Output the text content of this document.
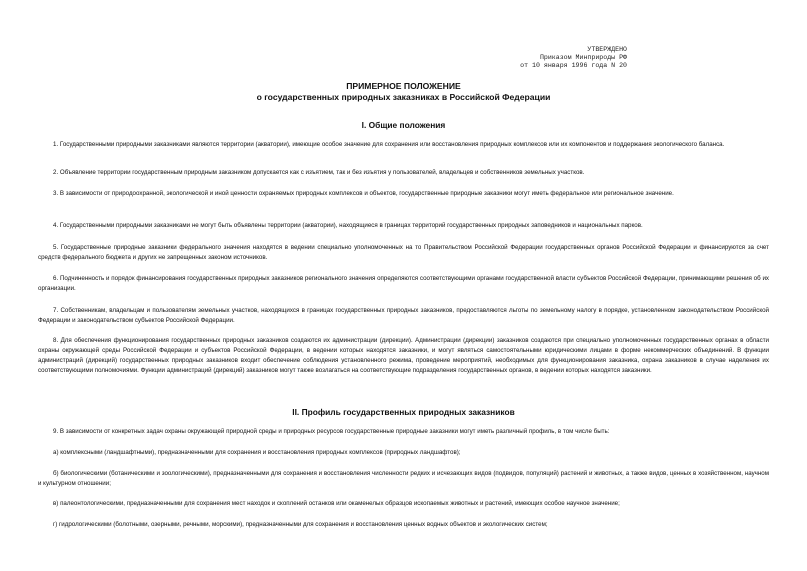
УТВЕРЖДЕНО
Приказом Минприроды РФ
от 10 января 1996 года N 20
ПРИМЕРНОЕ ПОЛОЖЕНИЕ
о государственных природных заказниках в Российской Федерации
I. Общие положения
1. Государственными природными заказниками являются территории (акватории), имеющие особое значение для сохранения или восстановления природных комплексов или их компонентов и поддержания экологического баланса.
2. Объявление территории государственным природным заказником допускается как с изъятием, так и без изъятия у пользователей, владельцев и собственников земельных участков.
3. В зависимости от природоохранной, экологической и иной ценности охраняемых природных комплексов и объектов, государственные природные заказники могут иметь федеральное или региональное значение.
4. Государственными природными заказниками не могут быть объявлены территории (акватории), находящиеся в границах территорий государственных природных заповедников и национальных парков.
5. Государственные природные заказники федерального значения находятся в ведении специально уполномоченных на то Правительством Российской Федерации государственных органов Российской Федерации и финансируются за счет средств федерального бюджета и других не запрещенных законом источников.
6. Подчиненность и порядок финансирования государственных природных заказников регионального значения определяются соответствующими органами государственной власти субъектов Российской Федерации, принимающими решения об их организации.
7. Собственникам, владельцам и пользователям земельных участков, находящихся в границах государственных природных заказников, предоставляются льготы по земельному налогу в порядке, установленном законодательством Российской Федерации и законодательством субъектов Российской Федерации.
8. Для обеспечения функционирования государственных природных заказников создаются их администрации (дирекции). Администрации (дирекции) заказников создаются при специально уполномоченных государственных органах в области охраны окружающей среды Российской Федерации и субъектов Российской Федерации, в ведении которых находятся заказники, и могут являться самостоятельными юридическими лицами в форме некоммерческих объединений. В функции администраций (дирекций) государственных природных заказников входит обеспечение соблюдения установленного режима, проведение мероприятий, необходимых для функционирования заказника, охрана заказников в случае наделения их соответствующими полномочиями. Функции администраций (дирекций) заказников могут также возлагаться на соответствующие подразделения государственных органов, в ведении которых находятся заказники.
II. Профиль государственных природных заказников
9. В зависимости от конкретных задач охраны окружающей природной среды и природных ресурсов государственные природные заказники могут иметь различный профиль, в том числе быть:
а) комплексными (ландшафтными), предназначенными для сохранения и восстановления природных комплексов (природных ландшафтов);
б) биологическими (ботаническими и зоологическими), предназначенными для сохранения и восстановления численности редких и исчезающих видов (подвидов, популяций) растений и животных, а также видов, ценных в хозяйственном, научном и культурном отношении;
в) палеонтологическими, предназначенными для сохранения мест находок и скоплений останков или окаменелых образцов ископаемых животных и растений, имеющих особое научное значение;
г) гидрологическими (болотными, озерными, речными, морскими), предназначенными для сохранения и восстановления ценных водных объектов и экологических систем;
